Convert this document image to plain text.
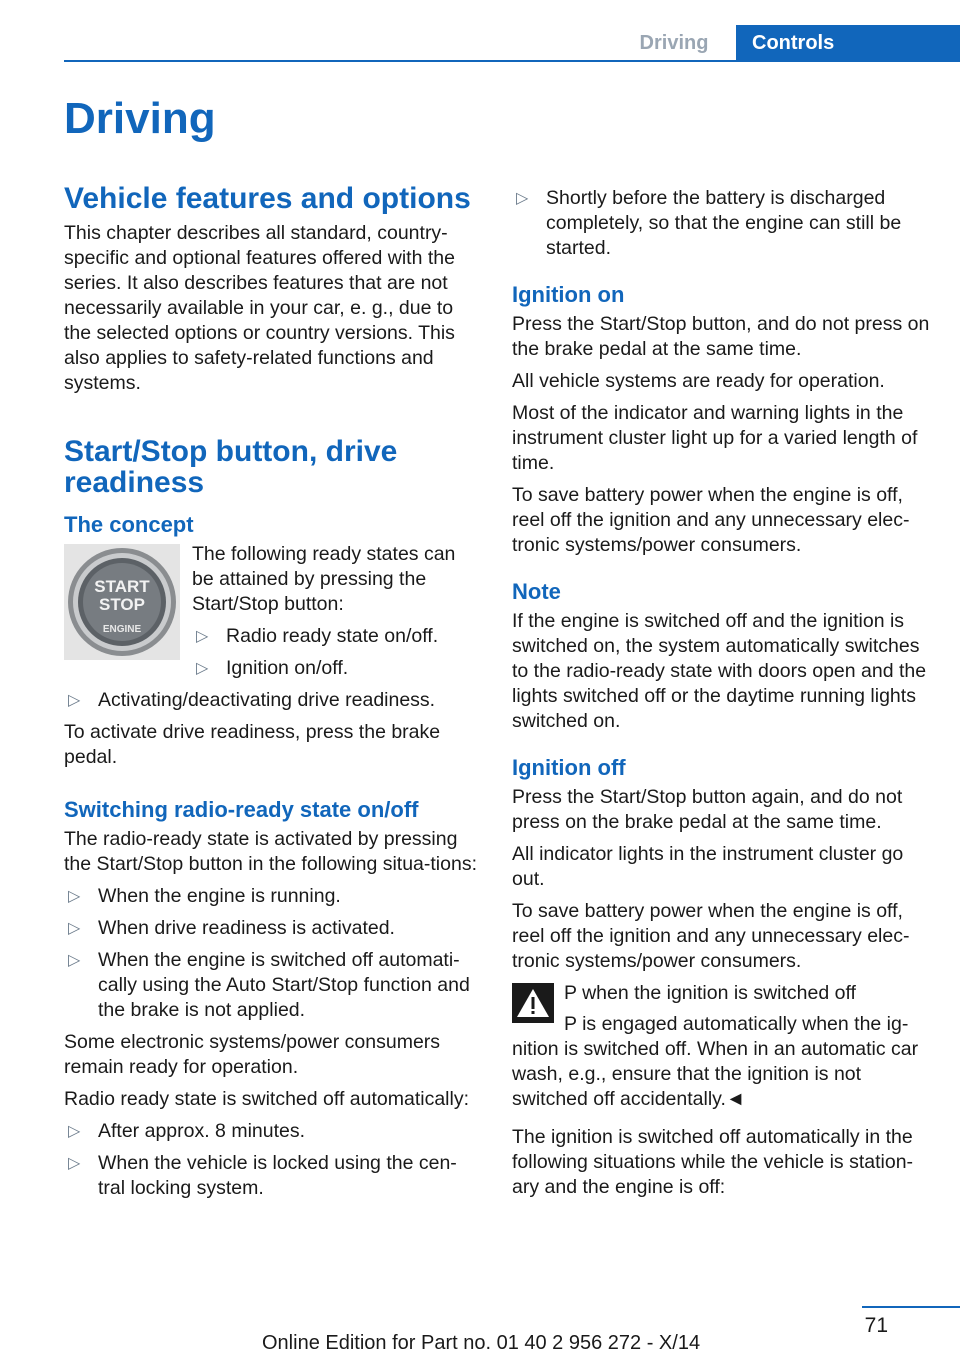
Driving	Controls
Driving
Vehicle features and options

This chapter describes all standard, country-specific and optional features offered with the series. It also describes features that are not necessarily available in your car, e. g., due to the selected options or country versions. This also applies to safety-related functions and systems.

Start/Stop button, drive readiness
The concept
START
STOP
ENGINE

The following ready states can be attained by pressing the Start/Stop button:

▷ Radio ready state on/off.
▷ Ignition on/off.
▷ Activating/deactivating drive readiness.

To activate drive readiness, press the brake pedal.

Switching radio-ready state on/off

The radio-ready state is activated by pressing the Start/Stop button in the following situa-tions:

▷ When the engine is running.
▷ When drive readiness is activated.
▷ When the engine is switched off automati-cally using the Auto Start/Stop function and the brake is not applied.

Some electronic systems/power consumers remain ready for operation.

Radio ready state is switched off automatically:

▷ After approx. 8 minutes.
▷ When the vehicle is locked using the cen-tral locking system.
▷ Shortly before the battery is discharged completely, so that the engine can still be started.
Ignition on

Press the Start/Stop button, and do not press on the brake pedal at the same time.

All vehicle systems are ready for operation.

Most of the indicator and warning lights in the instrument cluster light up for a varied length of time.

To save battery power when the engine is off, reel off the ignition and any unnecessary elec-tronic systems/power consumers.

Note

If the engine is switched off and the ignition is switched on, the system automatically switches to the radio-ready state with doors open and the lights switched off or the daytime running lights switched on.

Ignition off

Press the Start/Stop button again, and do not press on the brake pedal at the same time.

All indicator lights in the instrument cluster go out.

To save battery power when the engine is off, reel off the ignition and any unnecessary elec-tronic systems/power consumers.

P when the ignition is switched off

P is engaged automatically when the ig-nition is switched off. When in an automatic car wash, e.g., ensure that the ignition is not switched off accidentally.◄

The ignition is switched off automatically in the following situations while the vehicle is station-ary and the engine is off:

71
Online Edition for Part no. 01 40 2 956 272 - X/14
